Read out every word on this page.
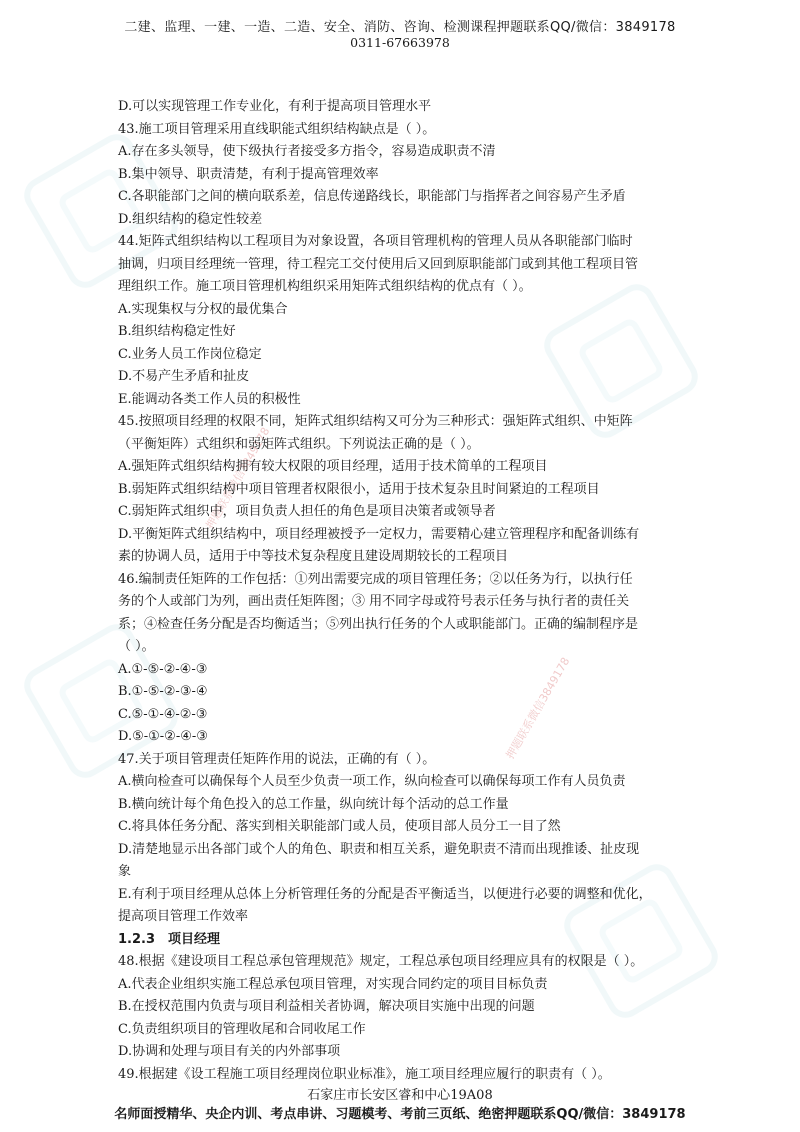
押题联系微信3849178
押题联系微信3849178
二建、监理、一建、一造、二造、安全、消防、咨询、检测课程押题联系QQ/微信：3849178
0311-67663978
D.可以实现管理工作专业化，有利于提高项目管理水平
43.施工项目管理采用直线职能式组织结构缺点是（ ）。
A.存在多头领导，使下级执行者接受多方指令，容易造成职责不清
B.集中领导、职责清楚，有利于提高管理效率
C.各职能部门之间的横向联系差，信息传递路线长，职能部门与指挥者之间容易产生矛盾
D.组织结构的稳定性较差
44.矩阵式组织结构以工程项目为对象设置，各项目管理机构的管理人员从各职能部门临时
抽调，归项目经理统一管理，待工程完工交付使用后又回到原职能部门或到其他工程项目管
理组织工作。施工项目管理机构组织采用矩阵式组织结构的优点有（ ）。
A.实现集权与分权的最优集合
B.组织结构稳定性好
C.业务人员工作岗位稳定
D.不易产生矛盾和扯皮
E.能调动各类工作人员的积极性
45.按照项目经理的权限不同，矩阵式组织结构又可分为三种形式：强矩阵式组织、中矩阵
（平衡矩阵）式组织和弱矩阵式组织。下列说法正确的是（ ）。
A.强矩阵式组织结构拥有较大权限的项目经理，适用于技术简单的工程项目
B.弱矩阵式组织结构中项目管理者权限很小，适用于技术复杂且时间紧迫的工程项目
C.弱矩阵式组织中，项目负责人担任的角色是项目决策者或领导者
D.平衡矩阵式组织结构中，项目经理被授予一定权力，需要精心建立管理程序和配备训练有
素的协调人员，适用于中等技术复杂程度且建设周期较长的工程项目
46.编制责任矩阵的工作包括：①列出需要完成的项目管理任务；②以任务为行，以执行任
务的个人或部门为列，画出责任矩阵图；③ 用不同字母或符号表示任务与执行者的责任关
系；④检查任务分配是否均衡适当；⑤列出执行任务的个人或职能部门。正确的编制程序是
（ ）。
A.①-⑤-②-④-③
B.①-⑤-②-③-④
C.⑤-①-④-②-③
D.⑤-①-②-④-③
47.关于项目管理责任矩阵作用的说法，正确的有（ ）。
A.横向检查可以确保每个人员至少负责一项工作，纵向检查可以确保每项工作有人员负责
B.横向统计每个角色投入的总工作量，纵向统计每个活动的总工作量
C.将具体任务分配、落实到相关职能部门或人员，使项目部人员分工一目了然
D.清楚地显示出各部门或个人的角色、职责和相互关系，避免职责不清而出现推诿、扯皮现
象
E.有利于项目经理从总体上分析管理任务的分配是否平衡适当，以便进行必要的调整和优化，
提高项目管理工作效率
1.2.3　项目经理
48.根据《建设项目工程总承包管理规范》规定，工程总承包项目经理应具有的权限是（ ）。
A.代表企业组织实施工程总承包项目管理，对实现合同约定的项目目标负责
B.在授权范围内负责与项目利益相关者协调，解决项目实施中出现的问题
C.负责组织项目的管理收尾和合同收尾工作
D.协调和处理与项目有关的内外部事项
49.根据建《设工程施工项目经理岗位职业标准》，施工项目经理应履行的职责有（ ）。
石家庄市长安区睿和中心19A08
名师面授精华、央企内训、考点串讲、习题模考、考前三页纸、绝密押题联系QQ/微信：3849178
